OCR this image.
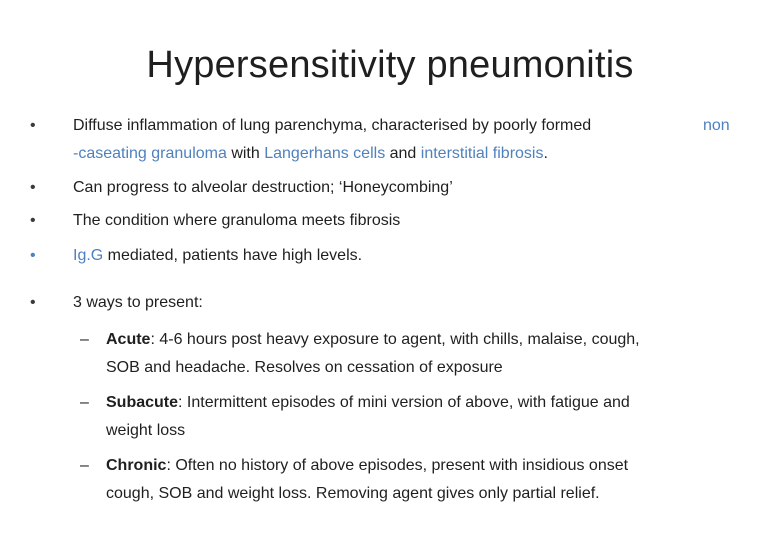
Hypersensitivity pneumonitis
• Diffuse inflammation of lung parenchyma, characterised by poorly formed	non
-caseating granuloma with Langerhans cells and interstitial fibrosis.
• Can progress to alveolar destruction; ‘Honeycombing’
• The condition where granuloma meets fibrosis
• Ig.G mediated, patients have high levels.
• 3 ways to present:
– Acute: 4-6 hours post heavy exposure to agent, with chills, malaise, cough,
SOB and headache. Resolves on cessation of exposure
– Subacute: Intermittent episodes of mini version of above, with fatigue and
weight loss
– Chronic: Often no history of above episodes, present with insidious onset
cough, SOB and weight loss. Removing agent gives only partial relief.
